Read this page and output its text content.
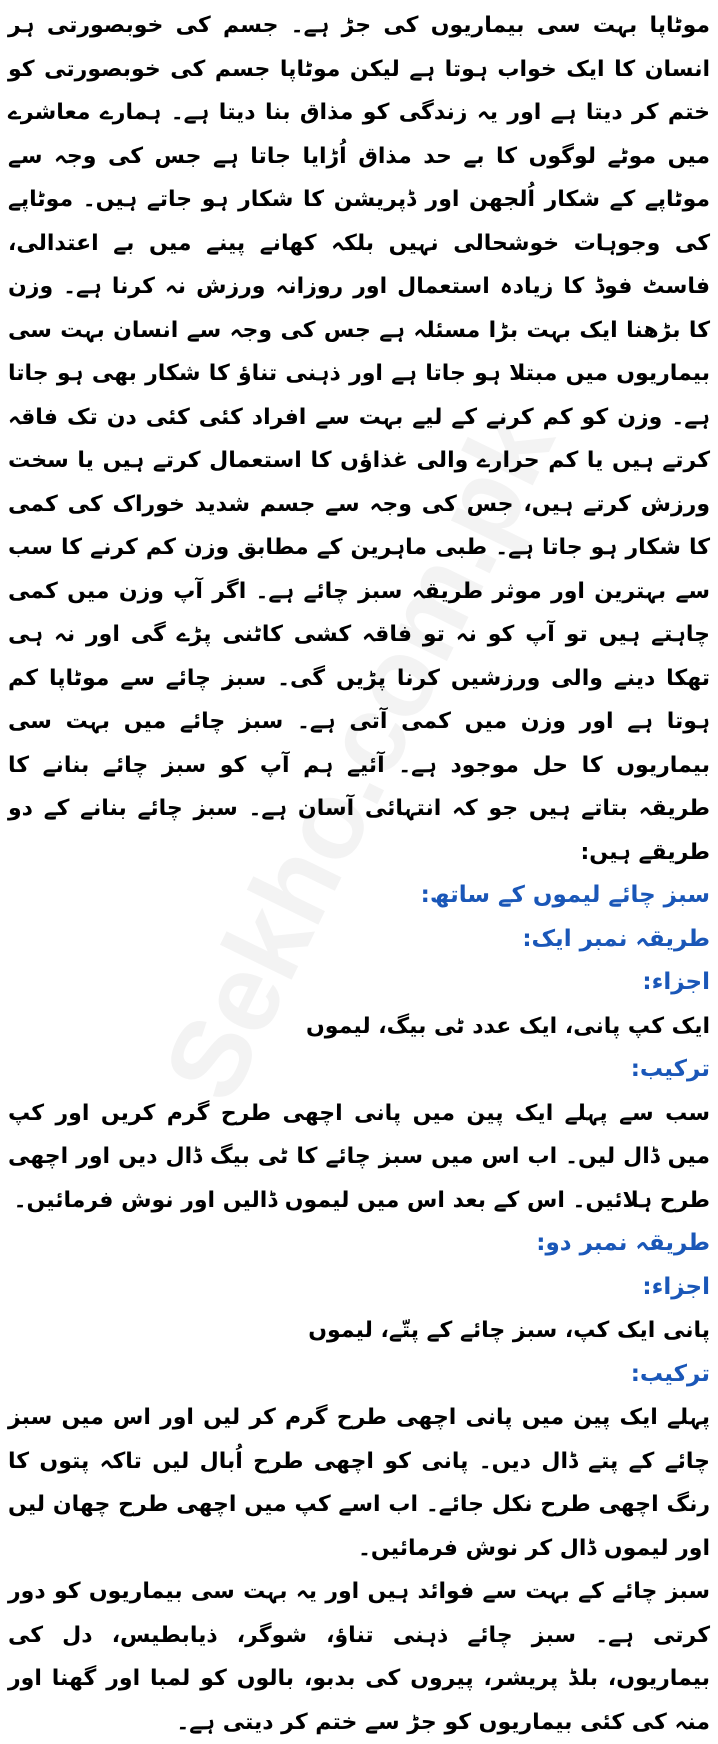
موٹاپا بہت سی بیماریوں کی جڑ ہے۔ جسم کی خوبصورتی ہر انسان کا ایک خواب ہوتا ہے لیکن موٹاپا جسم کی خوبصورتی کو ختم کر دیتا ہے اور یہ زندگی کو مذاق بنا دیتا ہے۔ ہمارے معاشرے میں موٹے لوگوں کا بے حد مذاق اُڑایا جاتا ہے جس کی وجہ سے موٹاپے کے شکار اُلجھن اور ڈپریشن کا شکار ہو جاتے ہیں۔ موٹاپے کی وجوہات خوشحالی نہیں بلکہ کھانے پینے میں بے اعتدالی، فاسٹ فوڈ کا زیادہ استعمال اور روزانہ ورزش نہ کرنا ہے۔ وزن کا بڑھنا ایک بہت بڑا مسئلہ ہے جس کی وجہ سے انسان بہت سی بیماریوں میں مبتلا ہو جاتا ہے اور ذہنی تناؤ کا شکار بھی ہو جاتا ہے۔ وزن کو کم کرنے کے لیے بہت سے افراد کئی کئی دن تک فاقہ کرتے ہیں یا کم حرارے والی غذاؤں کا استعمال کرتے ہیں یا سخت ورزش کرتے ہیں، جس کی وجہ سے جسم شدید خوراک کی کمی کا شکار ہو جاتا ہے۔ طبی ماہرین کے مطابق وزن کم کرنے کا سب سے بہترین اور موثر طریقہ سبز چائے ہے۔ اگر آپ وزن میں کمی چاہتے ہیں تو آپ کو نہ تو فاقہ کشی کاٹنی پڑے گی اور نہ ہی تھکا دینے والی ورزشیں کرنا پڑیں گی۔ سبز چائے سے موٹاپا کم ہوتا ہے اور وزن میں کمی آتی ہے۔ سبز چائے میں بہت سی بیماریوں کا حل موجود ہے۔ آئیے ہم آپ کو سبز چائے بنانے کا طریقہ بتاتے ہیں جو کہ انتہائی آسان ہے۔ سبز چائے بنانے کے دو طریقے ہیں:

سبز چائے لیموں کے ساتھ:

طریقہ نمبر ایک:

اجزاء:

ایک کپ پانی، ایک عدد ٹی بیگ، لیموں

ترکیب:

سب سے پہلے ایک پین میں پانی اچھی طرح گرم کریں اور کپ میں ڈال لیں۔ اب اس میں سبز چائے کا ٹی بیگ ڈال دیں اور اچھی طرح ہلائیں۔ اس کے بعد اس میں لیموں ڈالیں اور نوش فرمائیں۔

طریقہ نمبر دو:

اجزاء:

پانی ایک کپ، سبز چائے کے پتّے، لیموں

ترکیب:

پہلے ایک پین میں پانی اچھی طرح گرم کر لیں اور اس میں سبز چائے کے پتے ڈال دیں۔ پانی کو اچھی طرح اُبال لیں تاکہ پتوں کا رنگ اچھی طرح نکل جائے۔ اب اسے کپ میں اچھی طرح چھان لیں اور لیموں ڈال کر نوش فرمائیں۔

سبز چائے کے بہت سے فوائد ہیں اور یہ بہت سی بیماریوں کو دور کرتی ہے۔ سبز چائے ذہنی تناؤ، شوگر، ذیابطیس، دل کی بیماریوں، بلڈ پریشر، پیروں کی بدبو، بالوں کو لمبا اور گھنا اور منہ کی کئی بیماریوں کو جڑ سے ختم کر دیتی ہے۔
